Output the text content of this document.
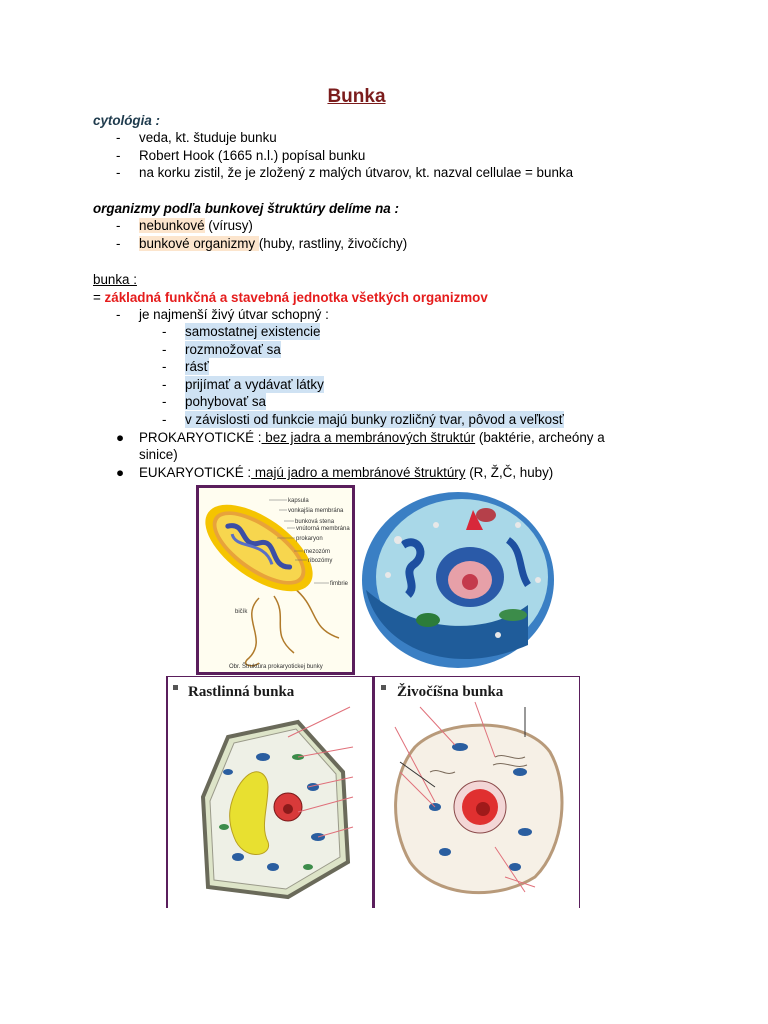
Bunka
cytológia :
-	veda, kt. študuje bunku
-	Robert Hook (1665 n.l.) popísal bunku
-	na korku zistil, že je zložený z malých útvarov, kt. nazval cellulae = bunka
organizmy podľa bunkovej štruktúry delíme na :
-	nebunkové (vírusy)
-	bunkové organizmy (huby, rastliny, živočíchy)
bunka :
= základná funkčná a stavebná jednotka všetkých organizmov
-	je najmenší živý útvar schopný :
-	samostatnej existencie
-	rozmnožovať sa
-	rásť
-	prijímať a vydávať látky
-	pohybovať sa
-	v závislosti od funkcie majú bunky rozličný tvar, pôvod a veľkosť
● PROKARYOTICKÉ : bez jadra a membránových štruktúr (baktérie, archeóny a
sinice)
● EUKARYOTICKÉ : majú jadro a membránové štruktúry (R, Ž,Č, huby)
kapsula
vonkajšia membrána
bunková stena
vnútorná membrána
prokaryon
mezozóm
ribozómy
fimbrie
bičík
Obr. Štruktúra prokaryotickej bunky
Rastlinná bunka	Živočíšna bunka
